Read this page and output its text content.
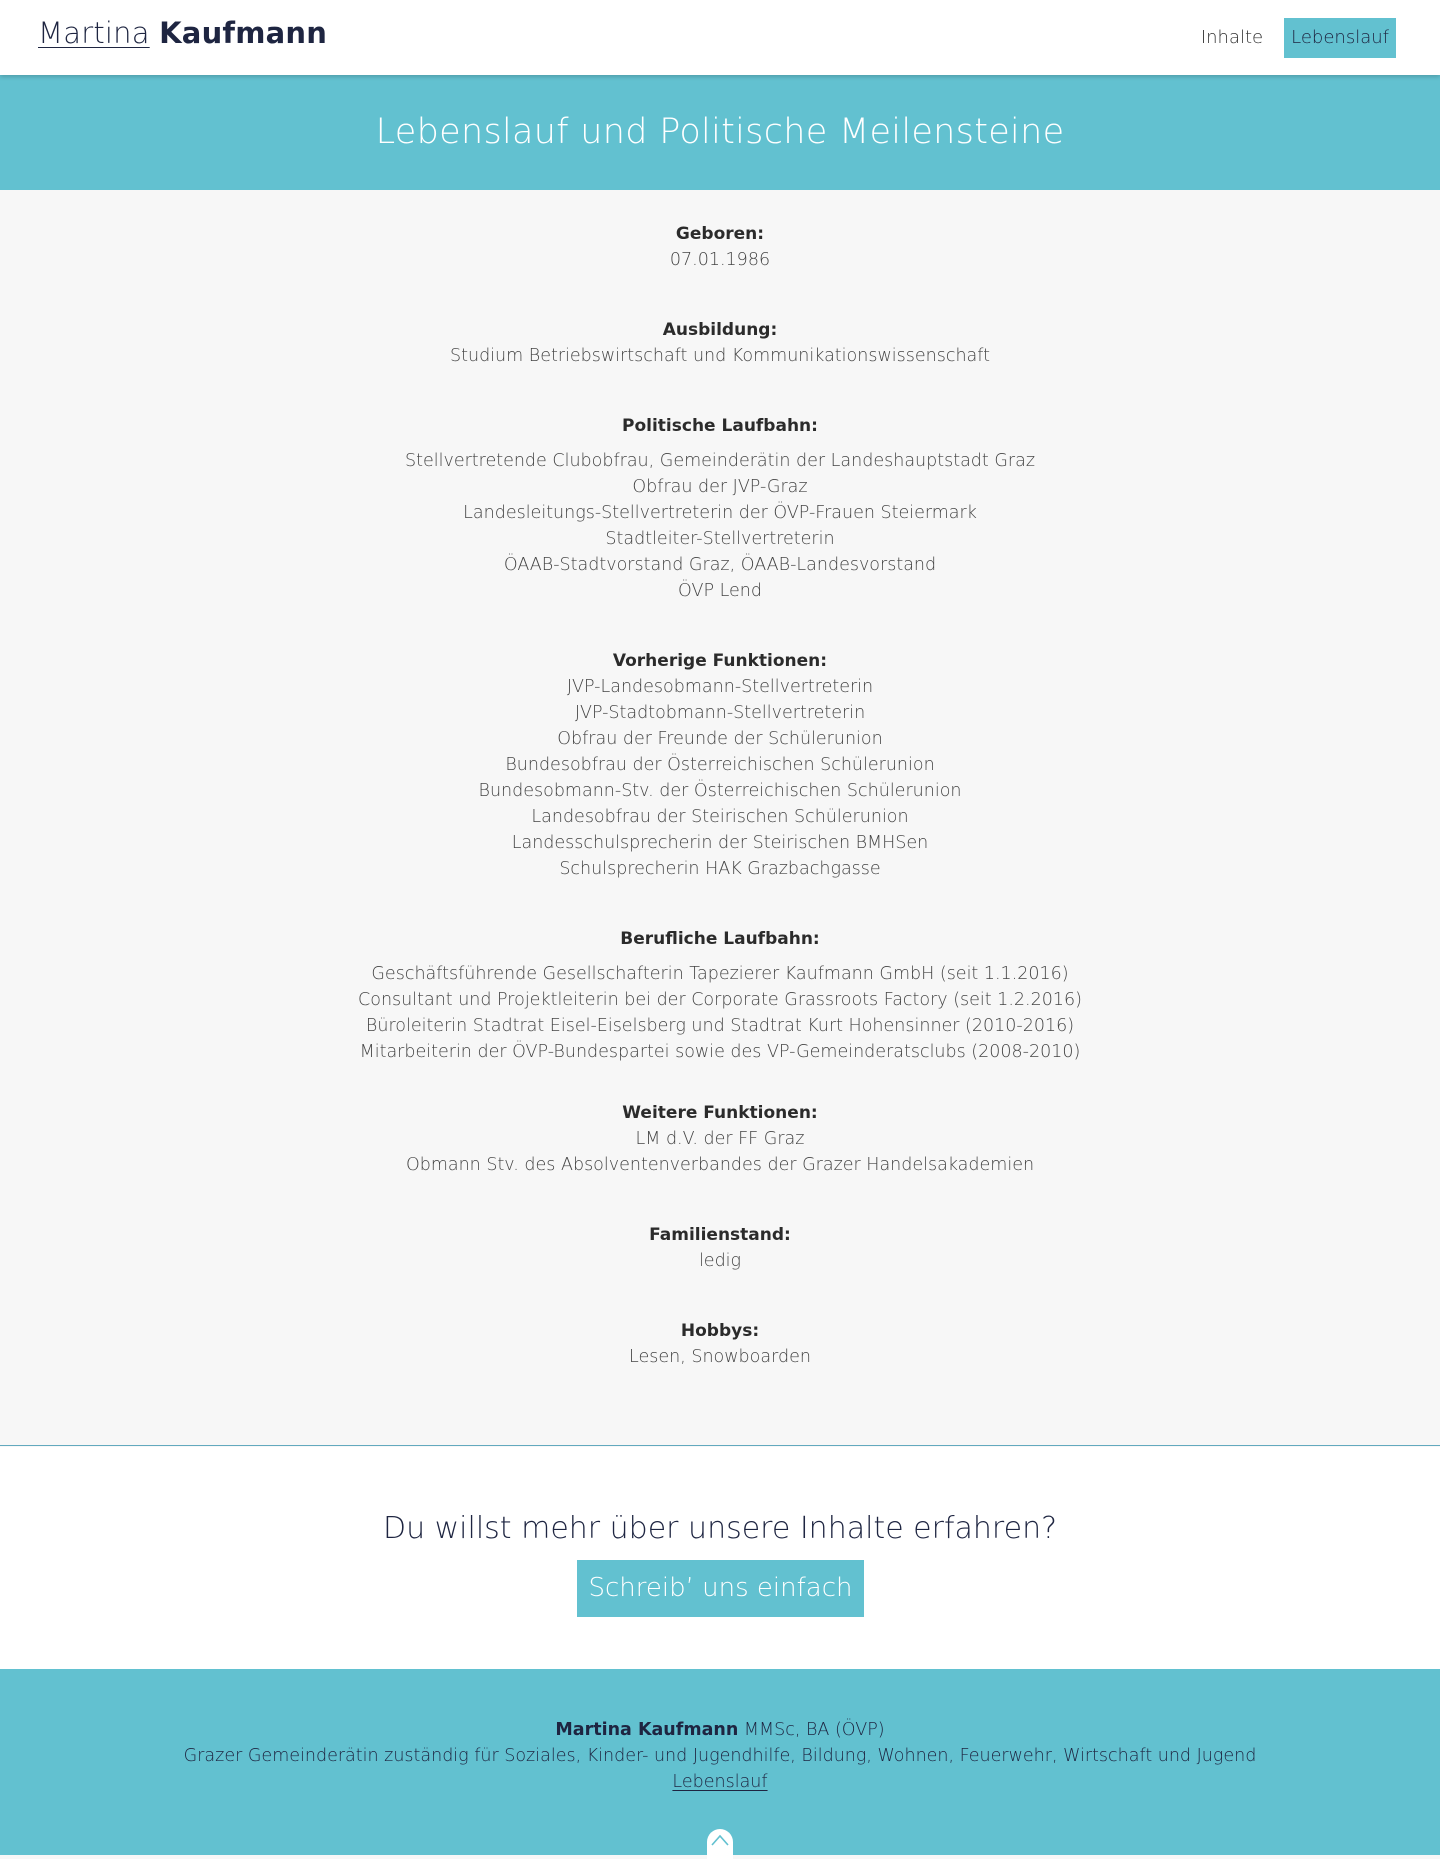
Martina Kaufmann	Inhalte	Lebenslauf
Lebenslauf und Politische Meilensteine
Geboren:
07.01.1986
Ausbildung:
Studium Betriebswirtschaft und Kommunikationswissenschaft
Politische Laufbahn:
Stellvertretende Clubobfrau, Gemeinderätin der Landeshauptstadt Graz
Obfrau der JVP-Graz
Landesleitungs-Stellvertreterin der ÖVP-Frauen Steiermark
Stadtleiter-Stellvertreterin
ÖAAB-Stadtvorstand Graz, ÖAAB-Landesvorstand
ÖVP Lend
Vorherige Funktionen:
JVP-Landesobmann-Stellvertreterin
JVP-Stadtobmann-Stellvertreterin
Obfrau der Freunde der Schülerunion
Bundesobfrau der Österreichischen Schülerunion
Bundesobmann-Stv. der Österreichischen Schülerunion
Landesobfrau der Steirischen Schülerunion
Landesschulsprecherin der Steirischen BMHSen
Schulsprecherin HAK Grazbachgasse
Berufliche Laufbahn:
Geschäftsführende Gesellschafterin Tapezierer Kaufmann GmbH (seit 1.1.2016)
Consultant und Projektleiterin bei der Corporate Grassroots Factory (seit 1.2.2016)
Büroleiterin Stadtrat Eisel-Eiselsberg und Stadtrat Kurt Hohensinner (2010-2016)
Mitarbeiterin der ÖVP-Bundespartei sowie des VP-Gemeinderatsclubs (2008-2010)
Weitere Funktionen:
LM d.V. der FF Graz
Obmann Stv. des Absolventenverbandes der Grazer Handelsakademien
Familienstand:
ledig
Hobbys:
Lesen, Snowboarden
Du willst mehr über unsere Inhalte erfahren?
Schreib’ uns einfach
Martina Kaufmann MMSc, BA (ÖVP)
Grazer Gemeinderätin zuständig für Soziales, Kinder- und Jugendhilfe, Bildung, Wohnen, Feuerwehr, Wirtschaft und Jugend
Lebenslauf
